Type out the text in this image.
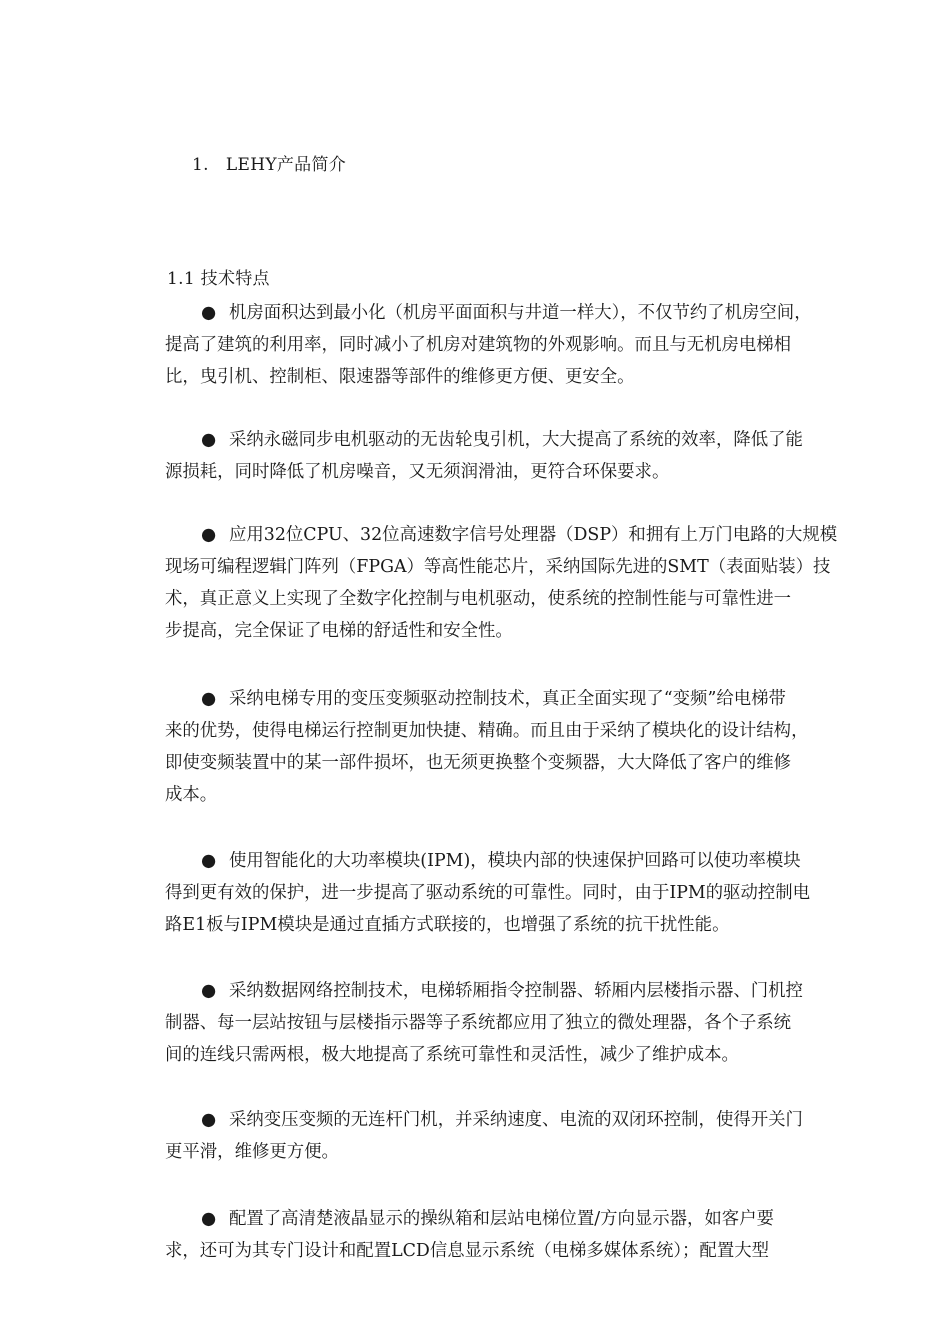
1.   LEHY产品简介
1.1 技术特点
● 机房面积达到最小化（机房平面面积与井道一样大），不仅节约了机房空间，
提高了建筑的利用率，同时减小了机房对建筑物的外观影响。而且与无机房电梯相
比，曳引机、控制柜、限速器等部件的维修更方便、更安全。
● 采纳永磁同步电机驱动的无齿轮曳引机，大大提高了系统的效率，降低了能
源损耗，同时降低了机房噪音，又无须润滑油，更符合环保要求。
● 应用32位CPU、32位高速数字信号处理器（DSP）和拥有上万门电路的大规模
现场可编程逻辑门阵列（FPGA）等高性能芯片，采纳国际先进的SMT（表面贴装）技
术，真正意义上实现了全数字化控制与电机驱动，使系统的控制性能与可靠性进一
步提高，完全保证了电梯的舒适性和安全性。
● 采纳电梯专用的变压变频驱动控制技术，真正全面实现了“变频”给电梯带
来的优势，使得电梯运行控制更加快捷、精确。而且由于采纳了模块化的设计结构，
即使变频装置中的某一部件损坏，也无须更换整个变频器，大大降低了客户的维修
成本。
● 使用智能化的大功率模块(IPM)，模块内部的快速保护回路可以使功率模块
得到更有效的保护，进一步提高了驱动系统的可靠性。同时，由于IPM的驱动控制电
路E1板与IPM模块是通过直插方式联接的，也增强了系统的抗干扰性能。
● 采纳数据网络控制技术，电梯轿厢指令控制器、轿厢内层楼指示器、门机控
制器、每一层站按钮与层楼指示器等子系统都应用了独立的微处理器，各个子系统
间的连线只需两根，极大地提高了系统可靠性和灵活性，减少了维护成本。
● 采纳变压变频的无连杆门机，并采纳速度、电流的双闭环控制，使得开关门
更平滑，维修更方便。
● 配置了高清楚液晶显示的操纵箱和层站电梯位置/方向显示器，如客户要
求，还可为其专门设计和配置LCD信息显示系统（电梯多媒体系统）；配置大型
